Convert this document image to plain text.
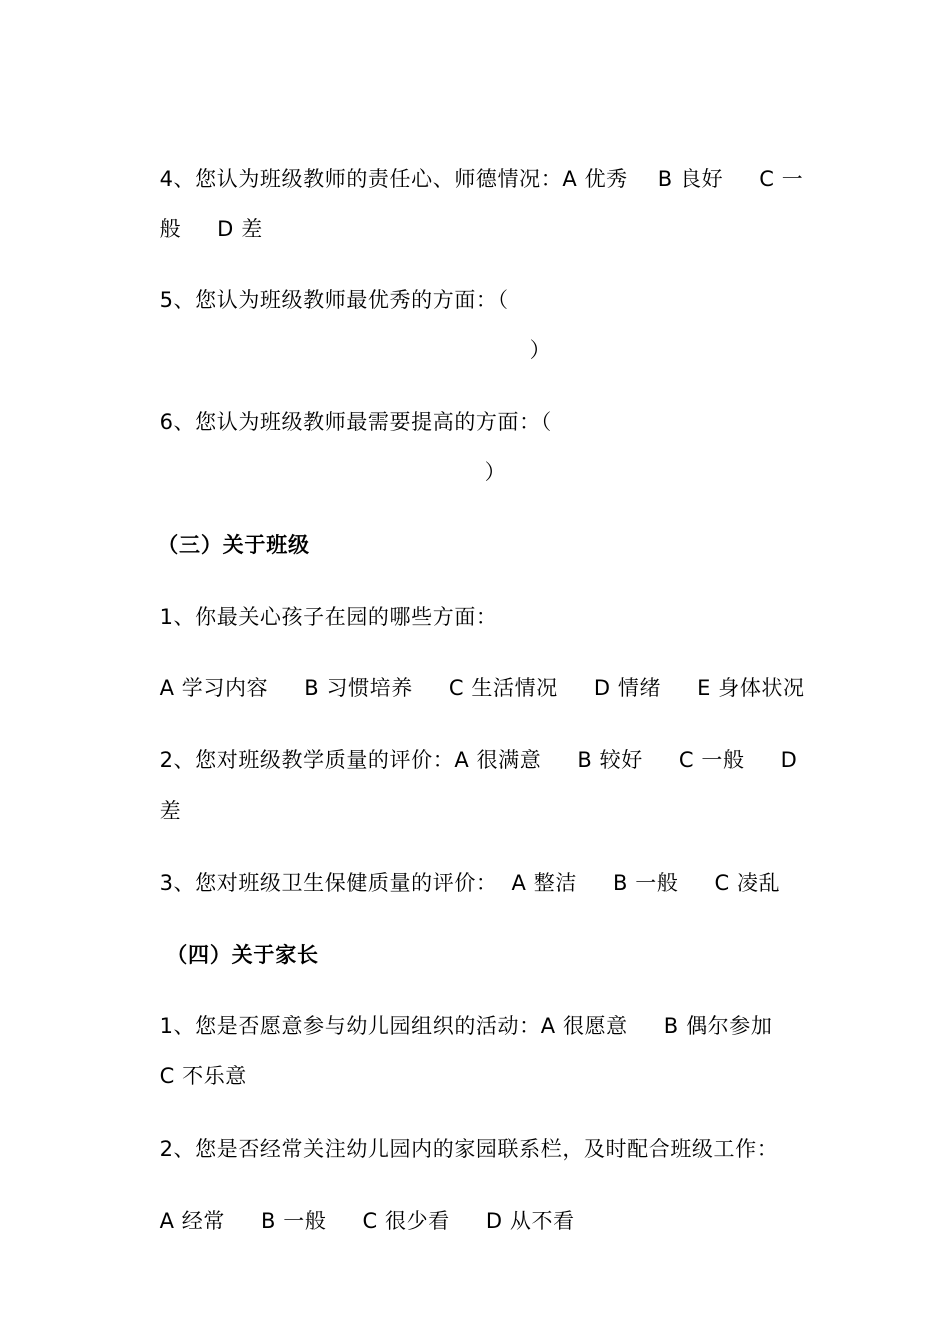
4、您认为班级教师的责任心、师德情况：A 优秀 B 良好 C 一

般 D 差

5、您认为班级教师最优秀的方面：（

）

6、您认为班级教师最需要提高的方面：（

）

（三）关于班级

1、你最关心孩子在园的哪些方面：

A 学习内容 B 习惯培养 C 生活情况 D 情绪 E 身体状况

2、您对班级教学质量的评价：A 很满意 B 较好 C 一般 D

差

3、您对班级卫生保健质量的评价： A 整洁 B 一般 C 凌乱

（四）关于家长

1、您是否愿意参与幼儿园组织的活动：A 很愿意 B 偶尔参加

C 不乐意

2、您是否经常关注幼儿园内的家园联系栏，及时配合班级工作：

A 经常 B 一般 C 很少看 D 从不看
